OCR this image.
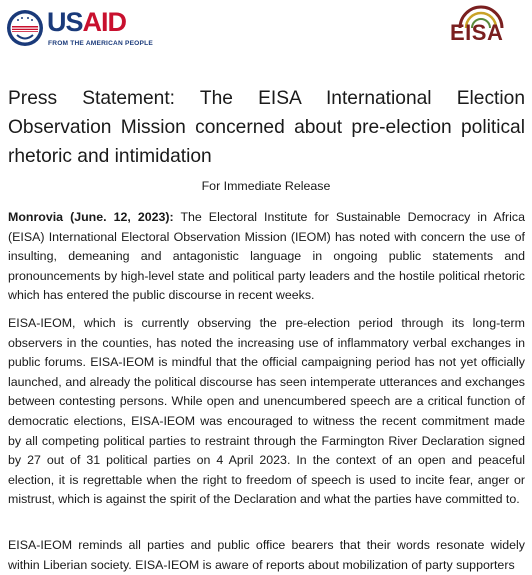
USAID
FROM THE AMERICAN PEOPLE	EISA
Press Statement: The EISA International Election Observation Mission concerned about pre-election political rhetoric and intimidation
For Immediate Release

Monrovia (June. 12, 2023): The Electoral Institute for Sustainable Democracy in Africa (EISA) International Electoral Observation Mission (IEOM) has noted with concern the use of insulting, demeaning and antagonistic language in ongoing public statements and pronouncements by high-level state and political party leaders and the hostile political rhetoric which has entered the public discourse in recent weeks.

EISA-IEOM, which is currently observing the pre-election period through its long-term observers in the counties, has noted the increasing use of inflammatory verbal exchanges in public forums. EISA-IEOM is mindful that the official campaigning period has not yet officially launched, and already the political discourse has seen intemperate utterances and exchanges between contesting persons. While open and unencumbered speech are a critical function of democratic elections, EISA-IEOM was encouraged to witness the recent commitment made by all competing political parties to restraint through the Farmington River Declaration signed by 27 out of 31 political parties on 4 April 2023. In the context of an open and peaceful election, it is regrettable when the right to freedom of speech is used to incite fear, anger or mistrust, which is against the spirit of the Declaration and what the parties have committed to.

EISA-IEOM reminds all parties and public office bearers that their words resonate widely within Liberian society. EISA-IEOM is aware of reports about mobilization of party supporters
